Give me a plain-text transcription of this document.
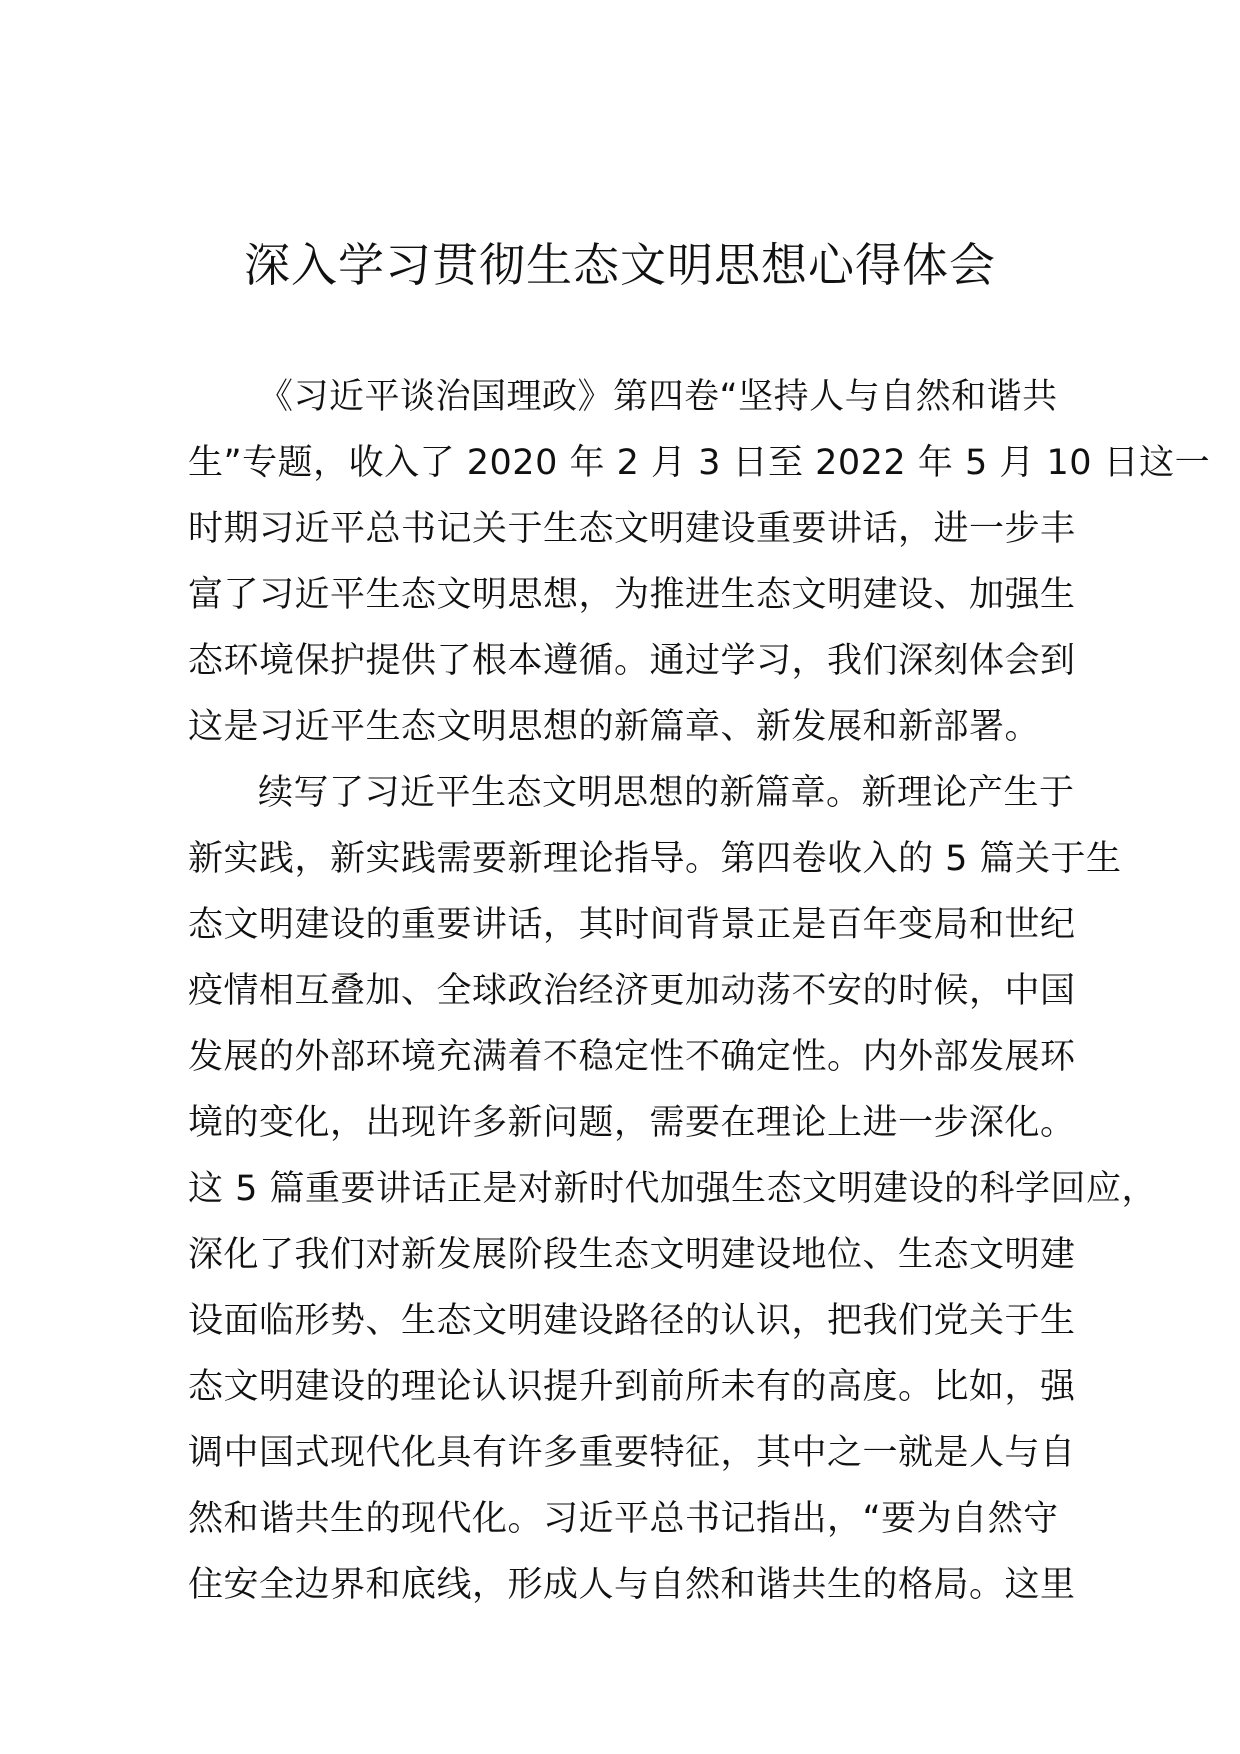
深入学习贯彻生态文明思想心得体会
《习近平谈治国理政》第四卷“坚持人与自然和谐共
生”专题，收入了 2020 年 2 月 3 日至 2022 年 5 月 10 日这一
时期习近平总书记关于生态文明建设重要讲话，进一步丰
富了习近平生态文明思想，为推进生态文明建设、加强生
态环境保护提供了根本遵循。通过学习，我们深刻体会到
这是习近平生态文明思想的新篇章、新发展和新部署。
续写了习近平生态文明思想的新篇章。新理论产生于
新实践，新实践需要新理论指导。第四卷收入的 5 篇关于生
态文明建设的重要讲话，其时间背景正是百年变局和世纪
疫情相互叠加、全球政治经济更加动荡不安的时候，中国
发展的外部环境充满着不稳定性不确定性。内外部发展环
境的变化，出现许多新问题，需要在理论上进一步深化。
这 5 篇重要讲话正是对新时代加强生态文明建设的科学回应，
深化了我们对新发展阶段生态文明建设地位、生态文明建
设面临形势、生态文明建设路径的认识，把我们党关于生
态文明建设的理论认识提升到前所未有的高度。比如，强
调中国式现代化具有许多重要特征，其中之一就是人与自
然和谐共生的现代化。习近平总书记指出，“要为自然守
住安全边界和底线，形成人与自然和谐共生的格局。这里
